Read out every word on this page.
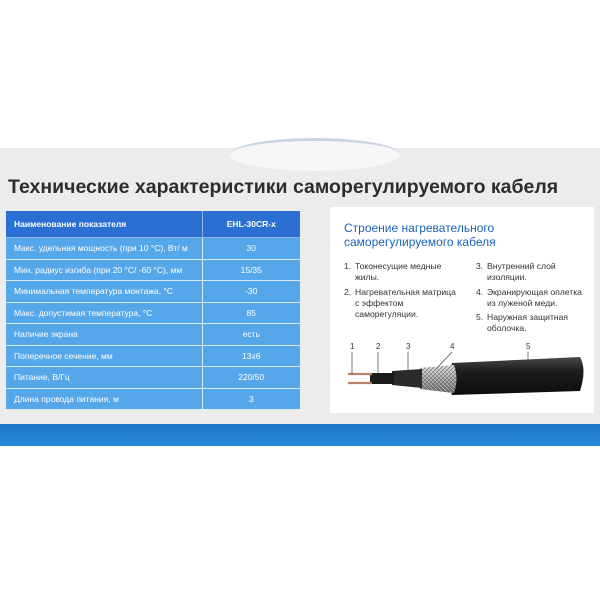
Технические характеристики саморегулируемого кабеля
Наименование показателя	EHL-30CR-x
Макс. удельная мощность (при 10 °С), Вт/ м	30
Мин. радиус изгиба (при 20 °С/ -60 °С), мм	15/35
Минимальная температура монтажа, °С	-30
Макс. допустимая температура, °С	85
Наличие экрана	есть
Поперечное сечение, мм	13х6
Питание, В/Гц	220/50
Длина провода питания, м	3
Строение нагревательного
саморегулируемого кабеля
1. Токонесущие медные жилы.
2. Нагревательная матрица с эффектом саморегуляции.
3. Внутренний слой изоляции.
4. Экранирующая оплетка из луженой меди.
5. Наружная защитная оболочка.
1	2	3	4	5
